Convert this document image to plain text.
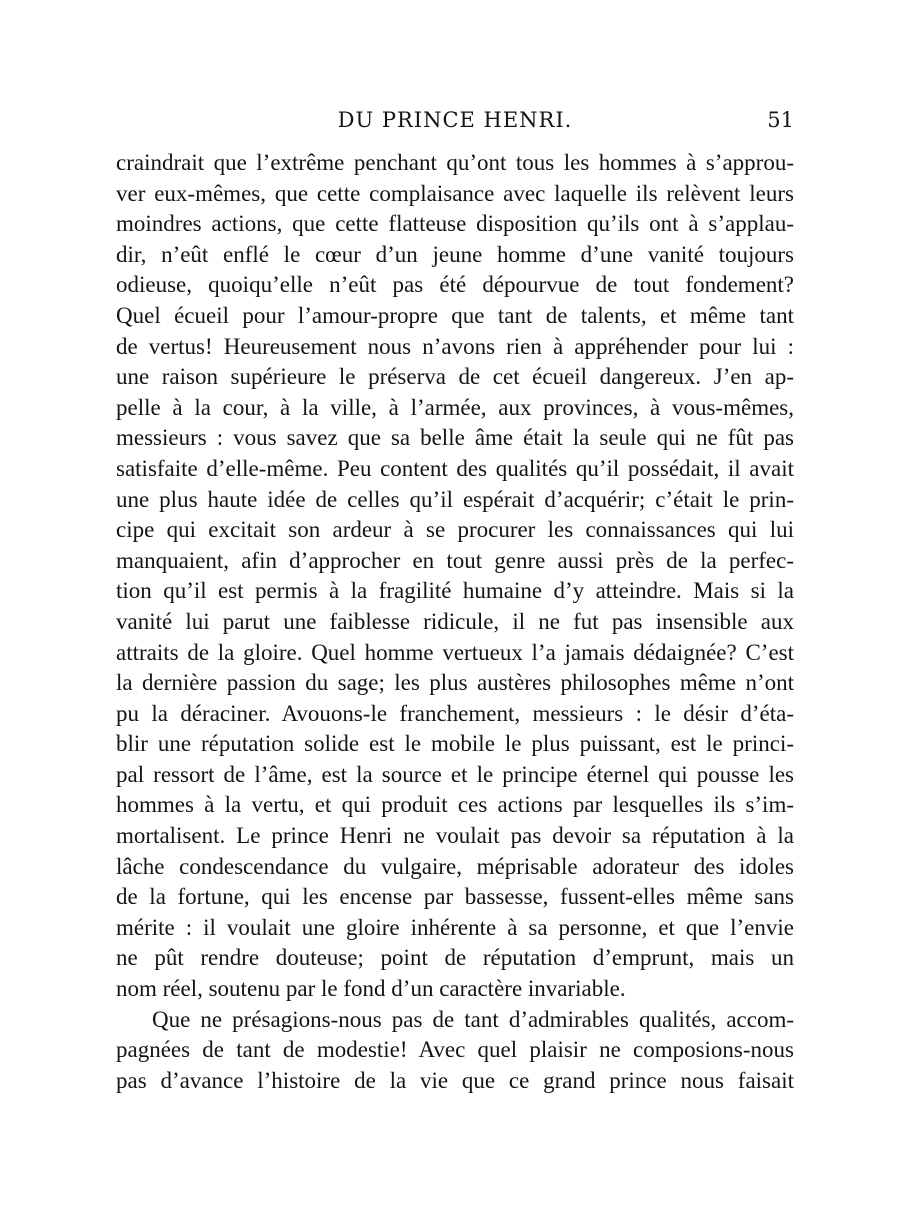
DU PRINCE HENRI.	51
craindrait que l’extrême penchant qu’ont tous les hommes à s’approu-
ver eux-mêmes, que cette complaisance avec laquelle ils relèvent leurs
moindres actions, que cette flatteuse disposition qu’ils ont à s’applau-
dir, n’eût enflé le cœur d’un jeune homme d’une vanité toujours
odieuse, quoiqu’elle n’eût pas été dépourvue de tout fondement?
Quel écueil pour l’amour-propre que tant de talents, et même tant
de vertus! Heureusement nous n’avons rien à appréhender pour lui :
une raison supérieure le préserva de cet écueil dangereux. J’en ap-
pelle à la cour, à la ville, à l’armée, aux provinces, à vous-mêmes,
messieurs : vous savez que sa belle âme était la seule qui ne fût pas
satisfaite d’elle-même. Peu content des qualités qu’il possédait, il avait
une plus haute idée de celles qu’il espérait d’acquérir; c’était le prin-
cipe qui excitait son ardeur à se procurer les connaissances qui lui
manquaient, afin d’approcher en tout genre aussi près de la perfec-
tion qu’il est permis à la fragilité humaine d’y atteindre. Mais si la
vanité lui parut une faiblesse ridicule, il ne fut pas insensible aux
attraits de la gloire. Quel homme vertueux l’a jamais dédaignée? C’est
la dernière passion du sage; les plus austères philosophes même n’ont
pu la déraciner. Avouons-le franchement, messieurs : le désir d’éta-
blir une réputation solide est le mobile le plus puissant, est le princi-
pal ressort de l’âme, est la source et le principe éternel qui pousse les
hommes à la vertu, et qui produit ces actions par lesquelles ils s’im-
mortalisent. Le prince Henri ne voulait pas devoir sa réputation à la
lâche condescendance du vulgaire, méprisable adorateur des idoles
de la fortune, qui les encense par bassesse, fussent-elles même sans
mérite : il voulait une gloire inhérente à sa personne, et que l’envie
ne pût rendre douteuse; point de réputation d’emprunt, mais un
nom réel, soutenu par le fond d’un caractère invariable.
Que ne présagions-nous pas de tant d’admirables qualités, accom-
pagnées de tant de modestie! Avec quel plaisir ne composions-nous
pas d’avance l’histoire de la vie que ce grand prince nous faisait
